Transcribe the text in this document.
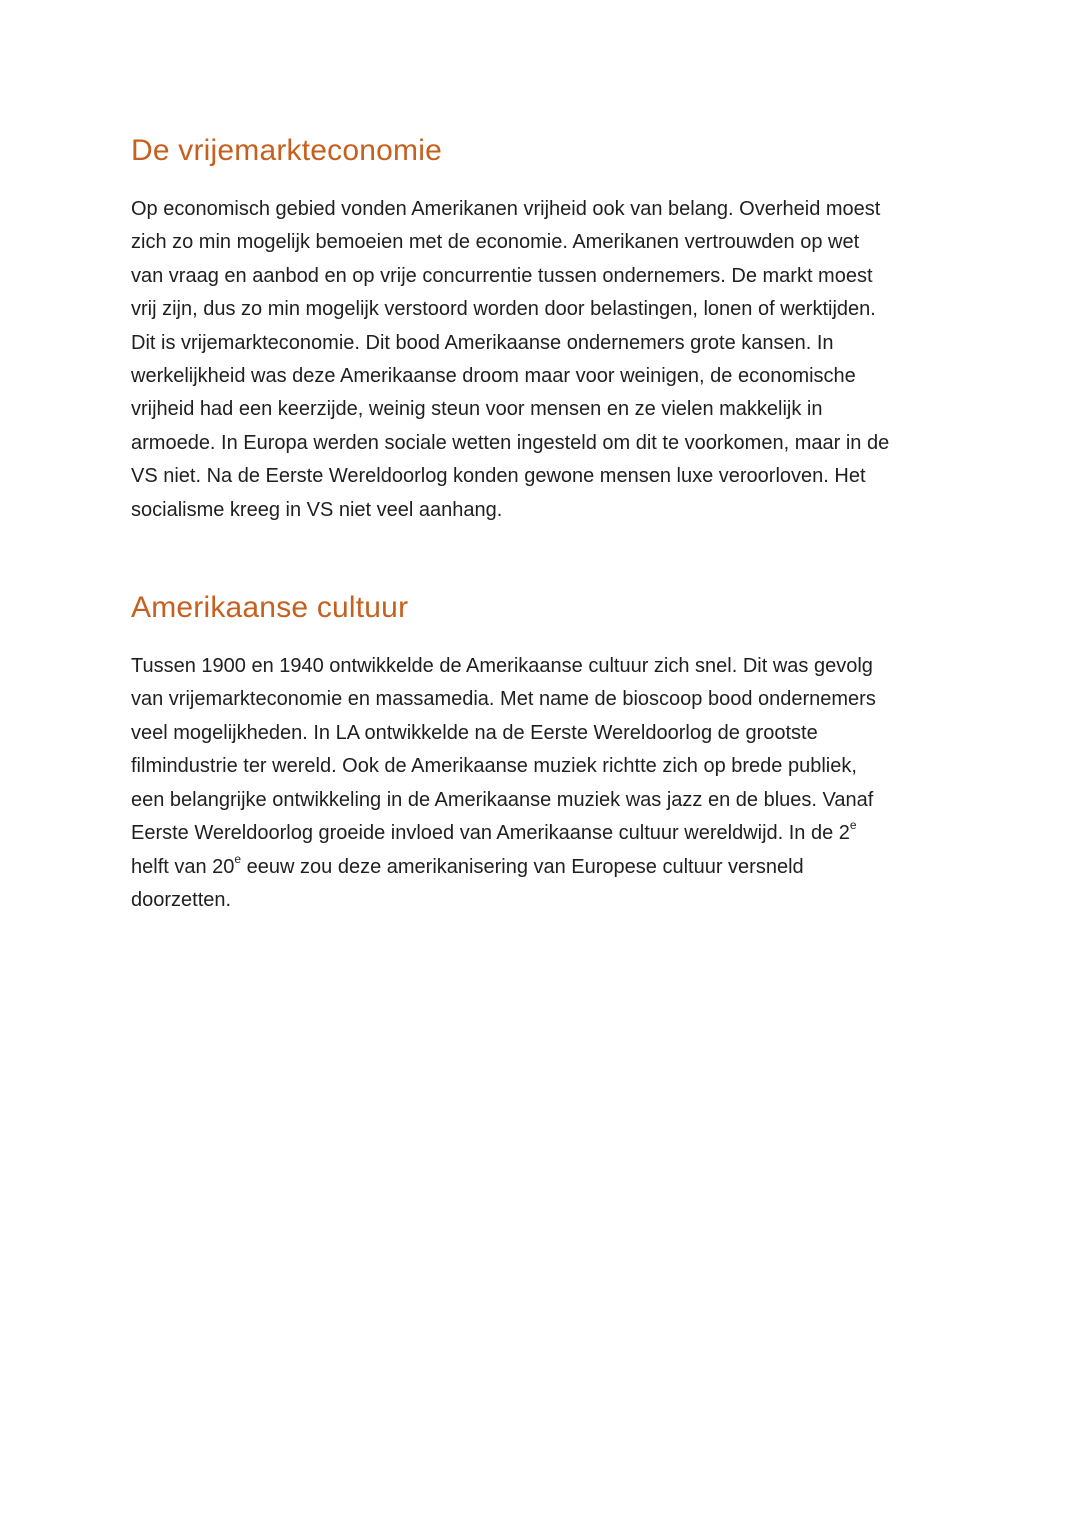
De vrijemarkteconomie
Op economisch gebied vonden Amerikanen vrijheid ook van belang. Overheid moest
zich zo min mogelijk bemoeien met de economie. Amerikanen vertrouwden op wet
van vraag en aanbod en op vrije concurrentie tussen ondernemers. De markt moest
vrij zijn, dus zo min mogelijk verstoord worden door belastingen, lonen of werktijden.
Dit is vrijemarkteconomie. Dit bood Amerikaanse ondernemers grote kansen. In
werkelijkheid was deze Amerikaanse droom maar voor weinigen, de economische
vrijheid had een keerzijde, weinig steun voor mensen en ze vielen makkelijk in
armoede. In Europa werden sociale wetten ingesteld om dit te voorkomen, maar in de
VS niet. Na de Eerste Wereldoorlog konden gewone mensen luxe veroorloven. Het
socialisme kreeg in VS niet veel aanhang.
Amerikaanse cultuur
Tussen 1900 en 1940 ontwikkelde de Amerikaanse cultuur zich snel. Dit was gevolg
van vrijemarkteconomie en massamedia. Met name de bioscoop bood ondernemers
veel mogelijkheden. In LA ontwikkelde na de Eerste Wereldoorlog de grootste
filmindustrie ter wereld. Ook de Amerikaanse muziek richtte zich op brede publiek,
een belangrijke ontwikkeling in de Amerikaanse muziek was jazz en de blues. Vanaf
Eerste Wereldoorlog groeide invloed van Amerikaanse cultuur wereldwijd. In de 2e
helft van 20e eeuw zou deze amerikanisering van Europese cultuur versneld
doorzetten.
